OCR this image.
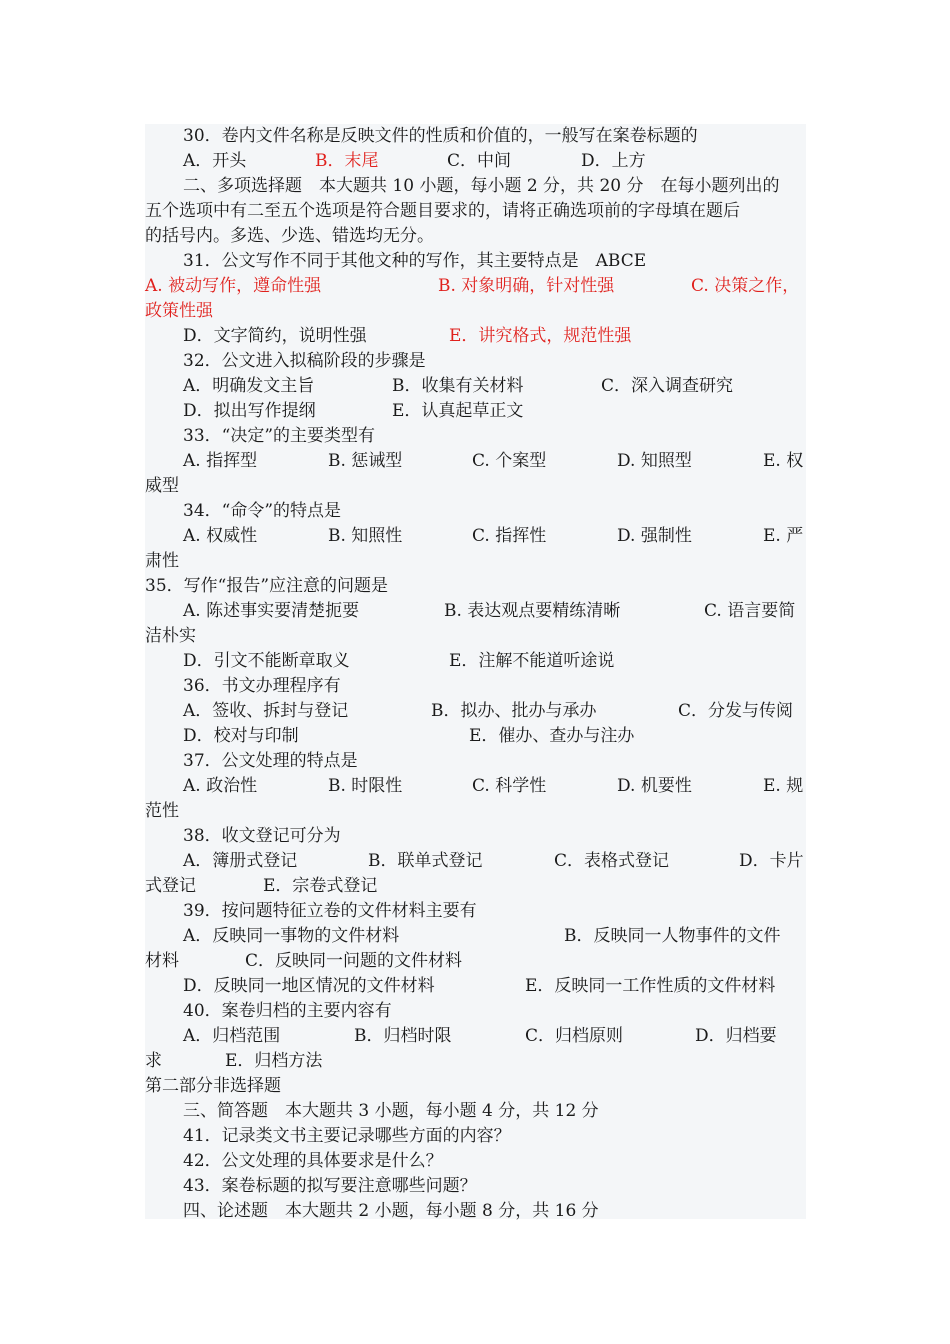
30．卷内文件名称是反映文件的性质和价值的，一般写在案卷标题的
A．开头	B．末尾	C．中间	D．上方
二、多项选择题　本大题共 10 小题，每小题 2 分，共 20 分　在每小题列出的
五个选项中有二至五个选项是符合题目要求的，请将正确选项前的字母填在题后
的括号内。多选、少选、错选均无分。
31．公文写作不同于其他文种的写作，其主要特点是　ABCE
A. 被动写作，遵命性强	B. 对象明确，针对性强	C. 决策之作，
政策性强
D．文字简约，说明性强	E．讲究格式，规范性强
32．公文进入拟稿阶段的步骤是
A．明确发文主旨	B．收集有关材料	C．深入调查研究
D．拟出写作提纲	E．认真起草正文
33．“决定”的主要类型有
A. 指挥型	B. 惩诫型	C. 个案型	D. 知照型	E. 权
威型
34．“命令”的特点是
A. 权威性	B. 知照性	C. 指挥性	D. 强制性	E. 严
肃性
35．写作“报告”应注意的问题是
A. 陈述事实要清楚扼要	B. 表达观点要精练清晰	C. 语言要简
洁朴实
D．引文不能断章取义	E．注解不能道听途说
36．书文办理程序有
A．签收、拆封与登记	B．拟办、批办与承办	C．分发与传阅
D．校对与印制	E．催办、查办与注办
37．公文处理的特点是
A. 政治性	B. 时限性	C. 科学性	D. 机要性	E. 规
范性
38．收文登记可分为
A．簿册式登记	B．联单式登记	C．表格式登记	D．卡片
式登记	E．宗卷式登记
39．按问题特征立卷的文件材料主要有
A．反映同一事物的文件材料	B．反映同一人物事件的文件
材料	C．反映同一问题的文件材料
D．反映同一地区情况的文件材料	E．反映同一工作性质的文件材料
40．案卷归档的主要内容有
A．归档范围	B．归档时限	C．归档原则	D．归档要
求	E．归档方法
第二部分非选择题
三、简答题　本大题共 3 小题，每小题 4 分，共 12 分
41．记录类文书主要记录哪些方面的内容？
42．公文处理的具体要求是什么？
43．案卷标题的拟写要注意哪些问题？
四、论述题　本大题共 2 小题，每小题 8 分，共 16 分
